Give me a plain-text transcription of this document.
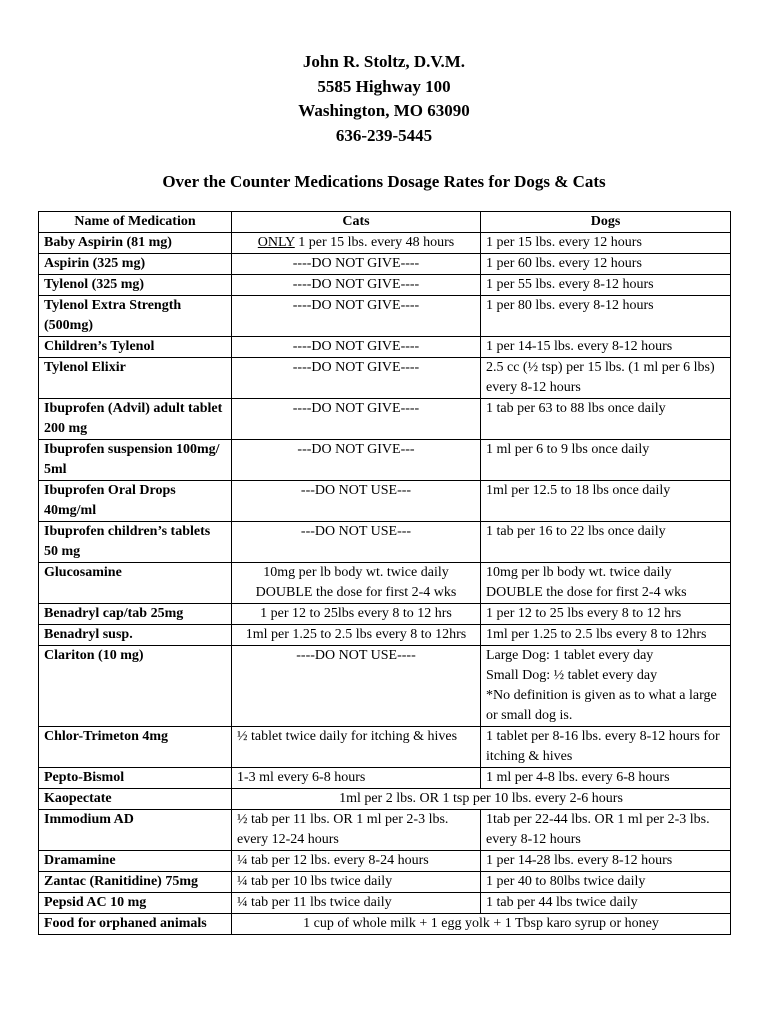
John R. Stoltz, D.V.M.
5585 Highway 100
Washington, MO 63090
636-239-5445
Over the Counter Medications Dosage Rates for Dogs & Cats
Name of Medication	Cats	Dogs
Baby Aspirin (81 mg)	ONLY 1 per 15 lbs. every 48 hours	1 per 15 lbs. every 12 hours
Aspirin (325 mg)	----DO NOT GIVE----	1 per 60 lbs. every 12 hours
Tylenol (325 mg)	----DO NOT GIVE----	1 per 55 lbs. every 8-12 hours
Tylenol Extra Strength (500mg)	----DO NOT GIVE----	1 per 80 lbs. every 8-12 hours
Children’s Tylenol	----DO NOT GIVE----	1 per 14-15 lbs. every 8-12 hours
Tylenol Elixir	----DO NOT GIVE----	2.5 cc (½ tsp) per 15 lbs. (1 ml per 6 lbs) every 8-12 hours
Ibuprofen (Advil) adult tablet 200 mg	----DO NOT GIVE----	1 tab per 63 to 88 lbs once daily
Ibuprofen suspension 100mg/ 5ml	---DO NOT GIVE---	1 ml per 6 to 9 lbs once daily
Ibuprofen Oral Drops 40mg/ml	---DO NOT USE---	1ml per 12.5 to 18 lbs once daily
Ibuprofen children’s tablets 50 mg	---DO NOT USE---	1 tab per 16 to 22 lbs once daily
Glucosamine	10mg per lb body wt. twice daily DOUBLE the dose for first 2-4 wks	10mg per lb body wt. twice daily DOUBLE the dose for first 2-4 wks
Benadryl cap/tab 25mg	1 per 12 to 25lbs every 8 to 12 hrs	1 per 12 to 25 lbs every 8 to 12 hrs
Benadryl susp.	1ml per 1.25 to 2.5 lbs every 8 to 12hrs	1ml per 1.25 to 2.5 lbs every 8 to 12hrs
Clariton (10 mg)	----DO NOT USE----	Large Dog: 1 tablet every day
Small Dog: ½ tablet every day
*No definition is given as to what a large or small dog is.

Chlor-Trimeton 4mg	½ tablet twice daily for itching & hives	1 tablet per 8-16 lbs. every 8-12 hours for itching & hives
Pepto-Bismol	1-3 ml every 6-8 hours	1 ml per 4-8 lbs. every 6-8 hours
Kaopectate	1ml per 2 lbs. OR 1 tsp per 10 lbs. every 2-6 hours	
Immodium AD	½ tab per 11 lbs. OR 1 ml per 2-3 lbs. every 12-24 hours	1tab per 22-44 lbs. OR 1 ml per 2-3 lbs. every 8-12 hours
Dramamine	¼ tab per 12 lbs. every 8-24 hours	1 per 14-28 lbs. every 8-12 hours
Zantac (Ranitidine) 75mg	¼ tab per 10 lbs twice daily	1 per 40 to 80lbs twice daily
Pepsid AC 10 mg	¼ tab per 11 lbs twice daily	1 tab per 44 lbs twice daily
Food for orphaned animals	1 cup of whole milk + 1 egg yolk + 1 Tbsp karo syrup or honey	
